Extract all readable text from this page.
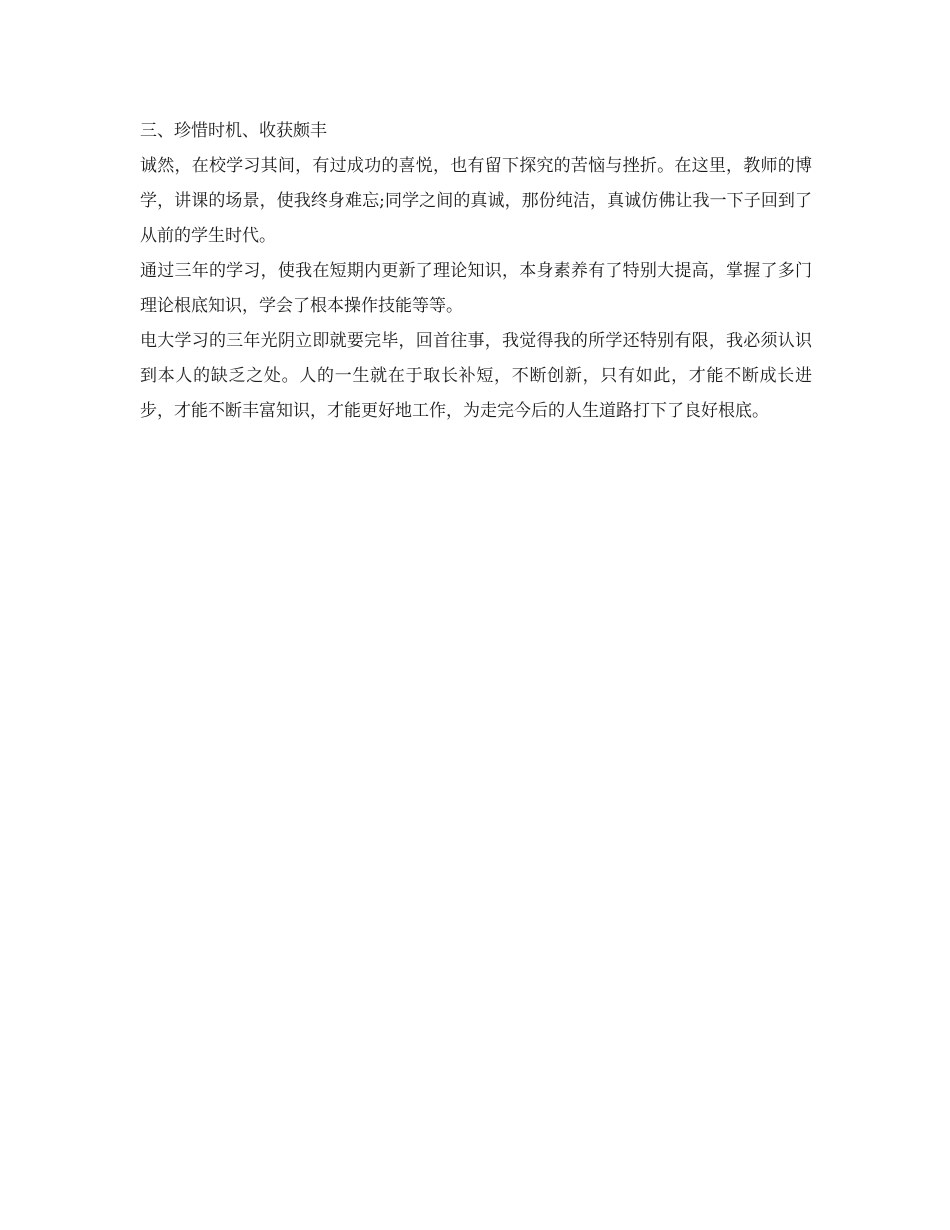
三、珍惜时机、收获颇丰

诚然，在校学习其间，有过成功的喜悦，也有留下探究的苦恼与挫折。在这里，教师的博学，讲课的场景，使我终身难忘;同学之间的真诚，那份纯洁，真诚仿佛让我一下子回到了从前的学生时代。

通过三年的学习，使我在短期内更新了理论知识，本身素养有了特别大提高，掌握了多门理论根底知识，学会了根本操作技能等等。

电大学习的三年光阴立即就要完毕，回首往事，我觉得我的所学还特别有限，我必须认识到本人的缺乏之处。人的一生就在于取长补短，不断创新，只有如此，才能不断成长进步，才能不断丰富知识，才能更好地工作，为走完今后的人生道路打下了良好根底。
